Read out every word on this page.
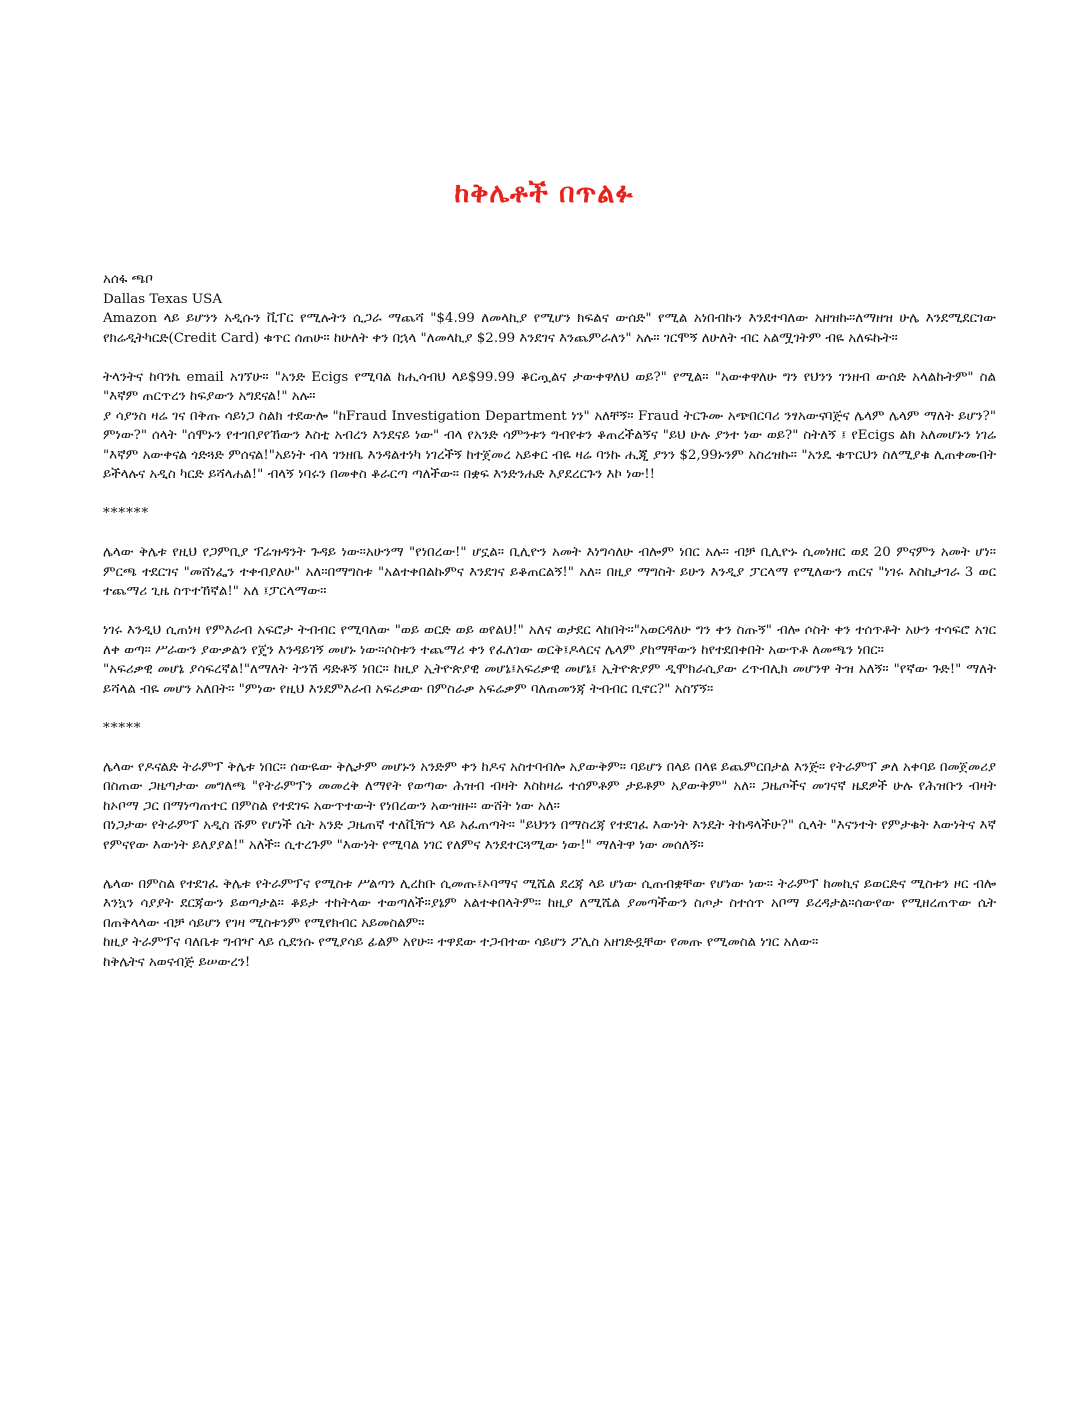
ከቅሌቶች በጥልፉ

አሰፋ ጫቦ

Dallas Texas USA

Amazon ላይ ይሆንን አዲሱን ቪፐር የሚሉትን ሲጋራ ማጨሻ "$4.99 ለመላኪያ የሚሆን ክፍልና ውሰድ" የሚል አነበብኩን እንደተባለው አዘዝኩ።ለማዘዝ ሁሌ እንደሚደርገው የክሬዲትካርድ(Credit Card) ቁጥር ሰጠሁ። ከሁለት ቀን በኋላ "ለመላኪያ $2.99 እንደገና እንጨምራለን" አሉ። ገርሞኝ ለሁለት ብር አልሟገትም ብዬ አለፍኩት።

ትላንትና ከባንኬ email አገኘሁ። "አንድ Ecigs የሚባል ከሒሳብህ ላይ$99.99 ቆርጧልና ታውቀዋለህ ወይ?" የሚል። "አውቀዋለሁ ግን የህንን ገንዘብ ውሰድ አላልኩትም" ስል "እኛም ጠርጥረን ከፍያውን አግደናል!" አሉ።

ያ ሳያንስ ዛሬ ገና በቅጡ ሳይነጋ ስልክ ተደውሎ "ከFraud Investigation Department ነን" አለቸኝ። Fraud ትርጉሙ አጭበርባሪ ንፃአውናባጅና ሌላም ሌላም ማለት ይሆን?" ምነው?" ሰላት "ሰሞኑን የተገበያየኸውን እስቲ አብረን እንደናይ ነው" ብላ የአንድ ሳምንቱን ግብየቱን ቆጠረችልኝና "ይህ ሁሉ ያንተ ነው ወይ?" ስትለኝ ፤ የEcigs ልክ አለመሆኑን ነገሬ "እኛም አውቀናል ጎድጓድ ምሰናል!"አይነት ብላ ገንዘቤ እንዳልተነካ ነገረችኝ ከተጀመረ አይቀር ብዬ ዛሬ ባንኩ ሒጂ ያንን $2,99ኑንም አስረዝኩ። "አንዴ ቁጥርህን ስለሚያቁ ሊጠቀሙበት ይችላሉና አዲስ ካርድ ይሻላሐል!" ብላኝ ነባሩን በመቀስ ቆራርጣ ጣለችው። በቋፍ እንድንሐድ እያደረርጉን እኮ ነው!!

******

ሌላው ቅሌቱ የዚህ የጋምቢያ ፕሬዝዳንት ጉዳይ ነው።አሁንማ "የነበረው!" ሆኗል። ቢሊዮን አመት እነግሳለሁ ብሎም ነበር አሉ። ብቻ ቢሊዮኑ ሲመነዘር ወደ 20 ምናምን አመት ሆነ። ምርጫ ተደርገና "መሸነፌን ተቀብያለሁ" አለ።በማግስቱ "አልተቀበልኩምና እንደገና ይቆጠርልኝ!" አለ። በዚያ ማግስት ይሁን እንዲያ ፓርላማ የሚለውን ጠርና "ነገሩ እስኪታገራ 3 ወር ተጨማሪ ጊዜ ስጥተኸኛል!" አለ ፤ፓርላማው።

ነገሩ እንዲህ ሲጠነዛ የምእራብ አፍሮታ ትብብር የሚባለው "ወይ ወርድ ወይ ወየልህ!" አለና ወታደር ላከበት።"አወርዳለሁ ግን ቀን ስጡኝ" ብሎ ሶስት ቀን ተሰጥቶት አሁን ተሳፍሮ አገር ለቀ ወጣ። ሥራውን ያውቃልን የጄን እንዳይገኝ መሆኑ ነው።ሶስቱን ተጨማሪ ቀን የፈለገው ወርቅ፤ዶላርና ሌላም ያከማቸውን ከየተደበቀበት አውጥቶ ለመጫን ነበር።

"አፍሪቃዊ መሆኔ ያሳፍረኛል!"ለማለት ትንሽ ዳድቶኝ ነበር። ከዚያ ኢትዮጵያዊ መሆኔ፤አፍሪቃዊ መሆኔ፤ ኢትዮጵያም ዲሞክራሲያው ረጥብሊክ መሆንዋ ትዝ አለኝ። "የኛው ጉድ!" ማለት ይሻላል ብዬ መሆን አለበት። "ምነው የዚህ እንደምእራብ አፍሪቃው በምስራቃ አፍሬቃም ባለጠመንጃ ትብብር ቢኖር?" አስኘኝ።

*****

ሌላው የዶናልድ ትራምፕ ቅሌቱ ነበር። ሰውዬው ቅሌታም መሆኑን አንድም ቀን ከዶና አስተባብሎ አያውቅም። ባይሆን በላይ በላዩ ይጨምርበታል እንጅ። የትራምፕ ቃለ አቀባይ በመጀመሪያ በስጠው ጋዜጣታው መግለጫ "የትራምፕን መመረቅ ለማየት የወጣው ሕዝብ ብዛት እስከዛሬ ተሰምቶም ታይቶም አያውቅም" አለ። ጋዜጦችና መገናኛ ዜደዎች ሁሉ የሕዝቡን ብዛት ከኦቦማ ጋር በማነጣጠተር በምስል የተደገፍ አውጥተውት የነበረውን አውዝዙ። ውሸት ነው አለ።

በነጋታው የትራምፕ አዲስ ሹም የሆነች ሴት አንድ ጋዜጠኛ ተለቪዥን ላይ አፈጠጣት። "ይህንን በማስረጃ የተደገፈ እውነት እንዴት ትከዳላችሁ?" ሲላት "እናንተት የምታቁት እውነትና እኛ የምናየው እውነት ይለያያል!" አለች። ሲተረጉም "እውነት የሚባል ነገር የለምና እንደተርጓሚው ነው!" ማለትዋ ነው መሰለኝ።

ሌላው በምስል የተደገፈ ቅሌቱ የትራምፕና የሚስቱ ሥልጣን ሊረከቡ ሲመጡ፤ኦባማና ሚሼል ደረጃ ላይ ሆነው ሲጠብቋቸው የሆነው ነው። ትራምፕ ከመኪና ይወርድና ሚስቱን ዞር ብሎ እንኳን ሳያያት ደርጃውን ይወጣታል። ቆይታ ተከትላው ተወጣለች።ያኔም አልተቀበላትም። ከዚያ ለሚሼል ያመጣችውን ስጦታ ስተሰጥ አቦማ ይረዳታል።ሰውየው የሚዘረጠጥው ሴት በጠቅላላው ብቻ ሳይሆን የገዛ ሚስቱንም የሚየክብር አይመስልም።

ከዚያ ትራምፕና ባለቤቱ ግብዣ ላይ ሲደንሱ የሚያሳይ ፊልም አየሁ። ተዋደው ተጋብተው ሳይሆን ፖሊስ አዘገድዷቸው የመጡ የሚመስል ነገር አለው።

ከቅሌትና አወናብጅ ይሠውረን!
